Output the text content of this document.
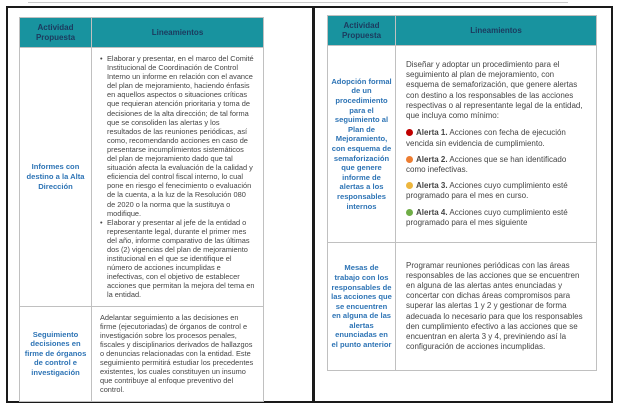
Actividad Propuesta	Lineamientos
Informes con destino a la Alta Dirección	• Elaborar y presentar, en el marco del Comité Institucional de Coordinación de Control Interno un informe en relación con el avance del plan de mejoramiento, haciendo énfasis en aquellos aspectos o situaciones críticas que requieran atención prioritaria y toma de decisiones de la alta dirección; de tal forma que se consoliden las alertas y los resultados de las reuniones periódicas, así como, recomendando acciones en caso de presentarse incumplimientos sistemáticos del plan de mejoramiento dado que tal situación afecta la evaluación de la calidad y eficiencia del control fiscal interno, lo cual pone en riesgo el fenecimiento o evaluación de la cuenta, a la luz de la Resolución 080 de 2020 o la norma que la sustituya o modifique.
• Elaborar y presentar al jefe de la entidad o representante legal, durante el primer mes del año, informe comparativo de las últimas dos (2) vigencias del plan de mejoramiento institucional en el que se identifique el número de acciones incumplidas e inefectivas, con el objetivo de establecer acciones que permitan la mejora del tema en la entidad.

Seguimiento decisiones en firme de órganos de control e investigación	Adelantar seguimiento a las decisiones en firme (ejecutoriadas) de órganos de control e investigación sobre los procesos penales, fiscales y disciplinarios derivados de hallazgos o denuncias relacionadas con la entidad. Este seguimiento permitirá estudiar los precedentes existentes, los cuales constituyen un insumo que contribuye al enfoque preventivo del control.

Actividad Propuesta	Lineamientos
Adopción formal de un procedimiento para el seguimiento al Plan de Mejoramiento, con esquema de semaforización que genere informe de alertas a los responsables internos	Diseñar y adoptar un procedimiento para el seguimiento al plan de mejoramiento, con esquema de semaforización, que genere alertas con destino a los responsables de las acciones respectivas o al representante legal de la entidad, que incluya como mínimo:

Alerta 1. Acciones con fecha de ejecución vencida sin evidencia de cumplimiento.

Alerta 2. Acciones que se han identificado como inefectivas.

Alerta 3. Acciones cuyo cumplimiento esté programado para el mes en curso.

Alerta 4. Acciones cuyo cumplimiento esté programado para el mes siguiente

Mesas de trabajo con los responsables de las acciones que se encuentren en alguna de las alertas enunciadas en el punto anterior	Programar reuniones periódicas con las áreas responsables de las acciones que se encuentren en alguna de las alertas antes enunciadas y concertar con dichas áreas compromisos para superar las alertas 1 y 2 y gestionar de forma adecuada lo necesario para que los responsables den cumplimiento efectivo a las acciones que se encuentran en alerta 3 y 4, previniendo así la configuración de acciones incumplidas.
